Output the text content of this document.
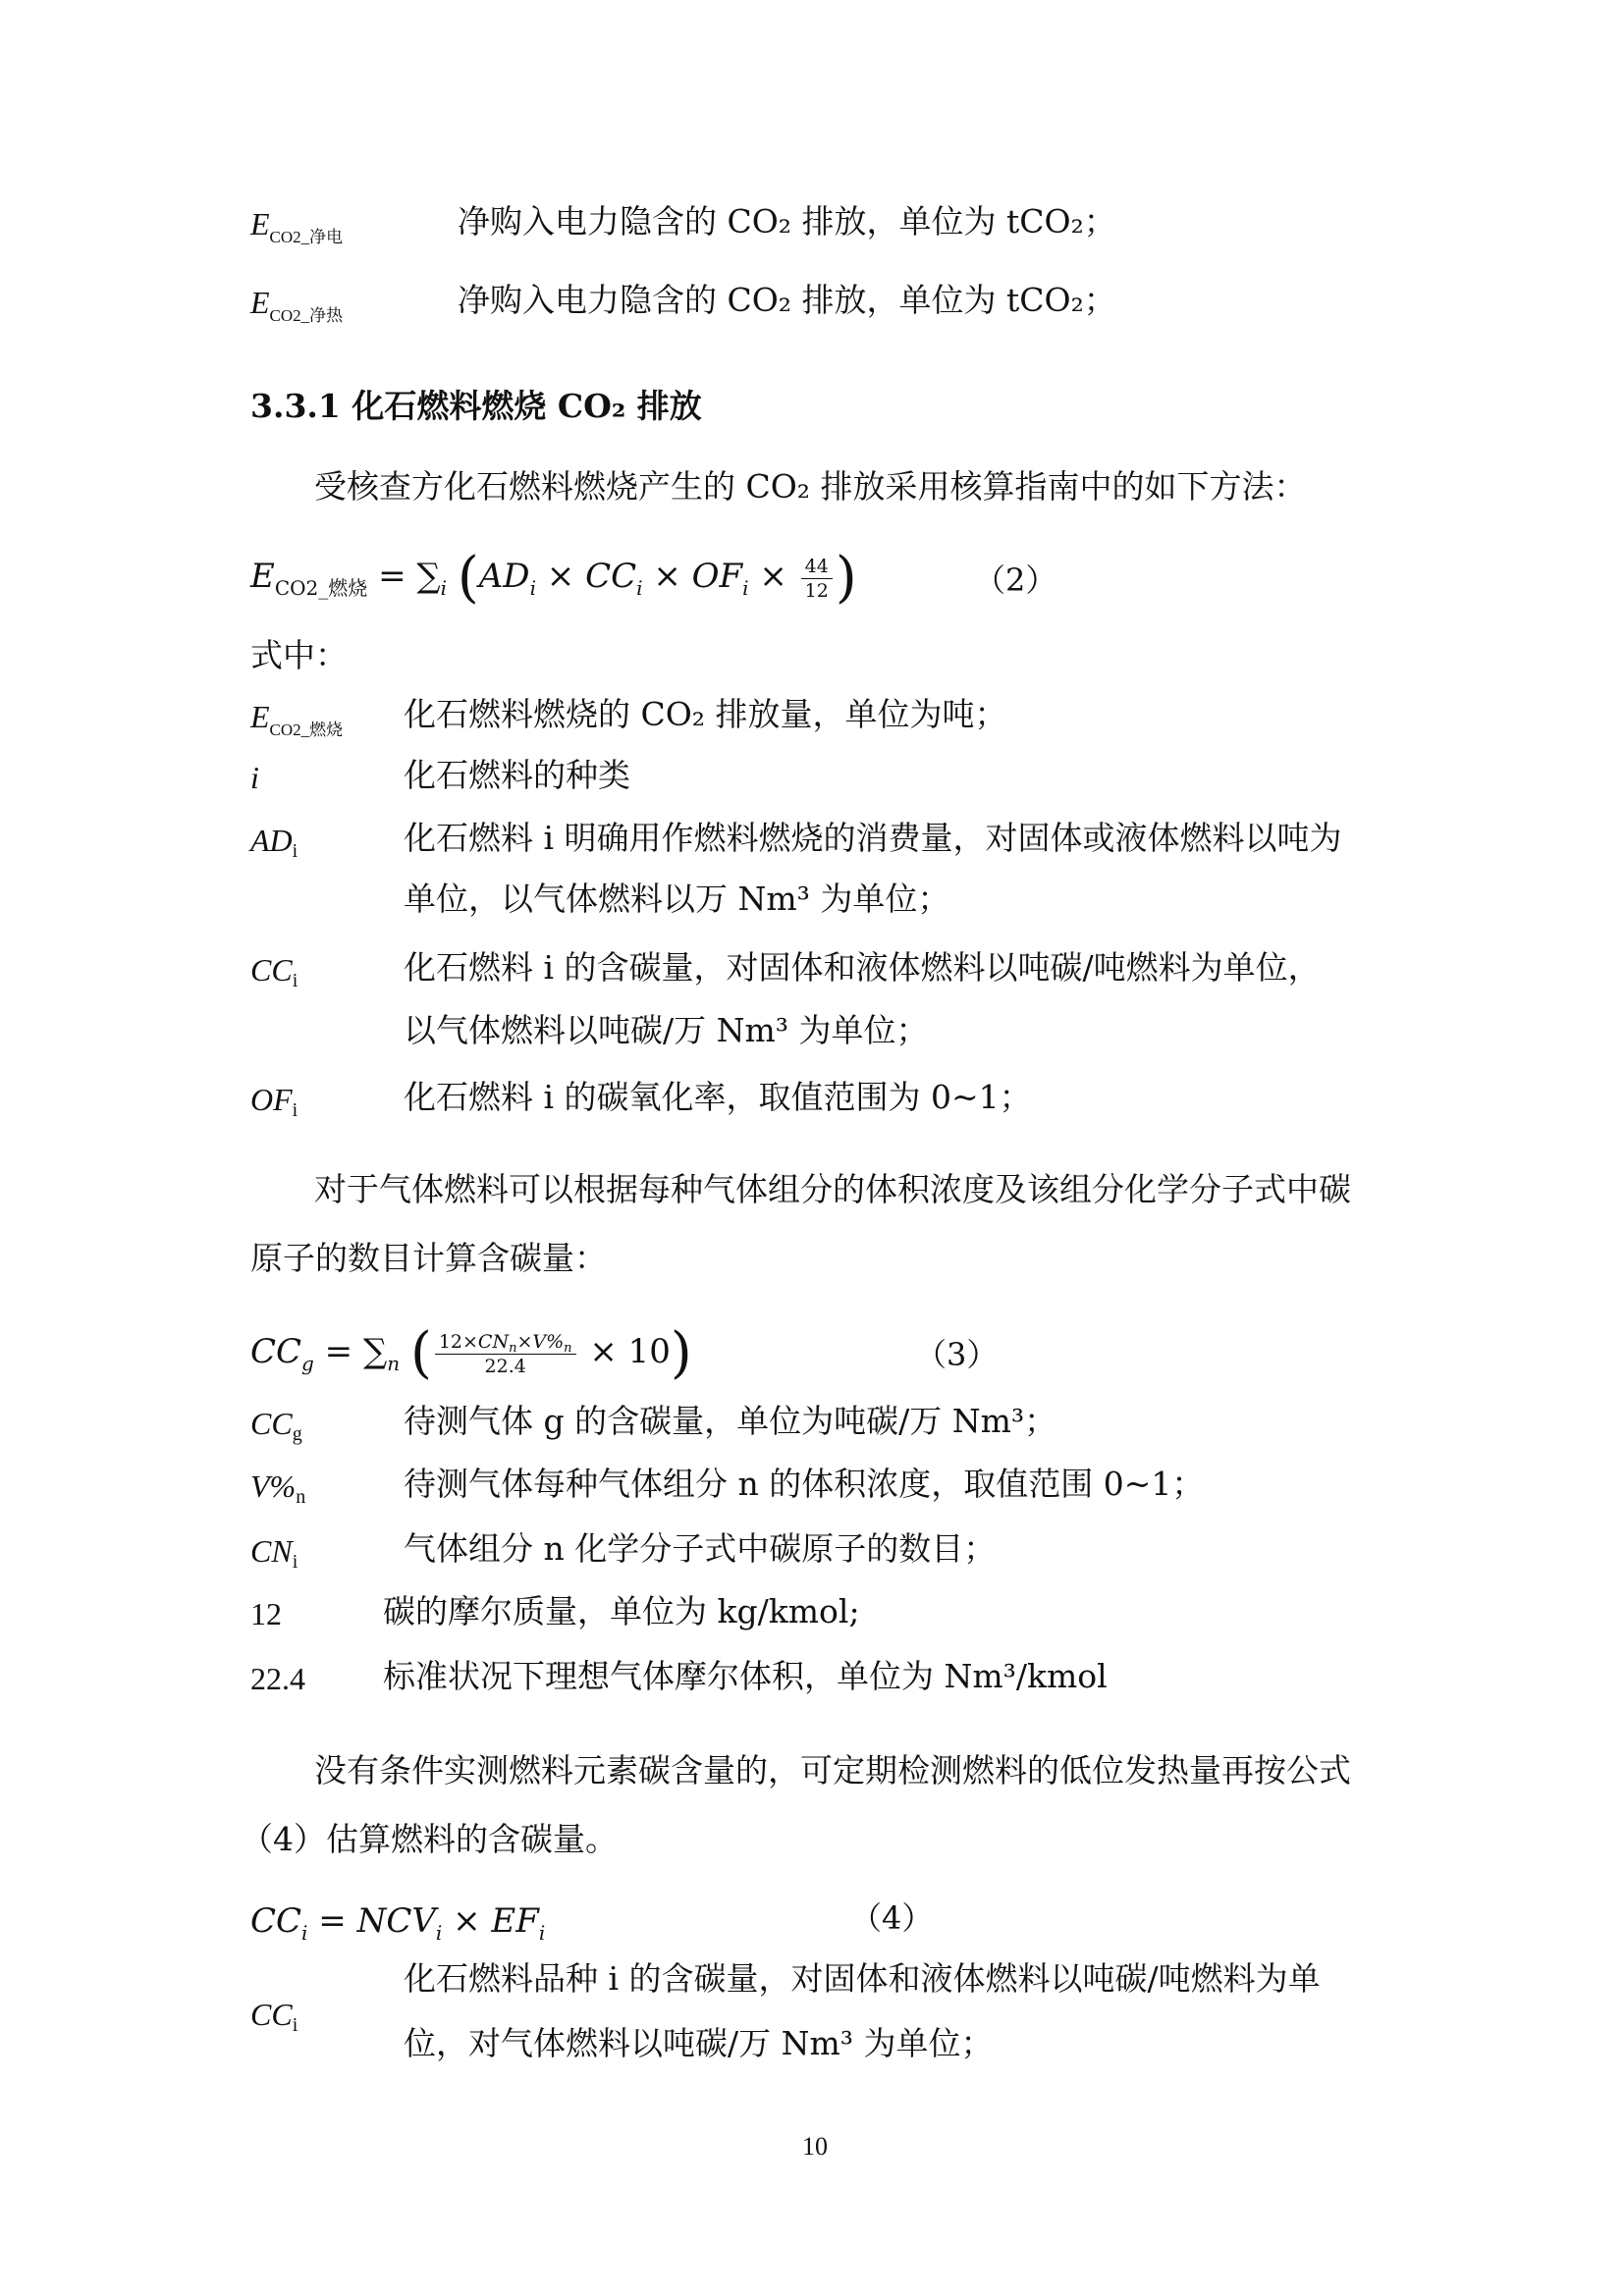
$E_{CO2\_净电}$	净购入电力隐含的 CO₂ 排放，单位为 tCO₂；
$E_{CO2\_净热}$	净购入电力隐含的 CO₂ 排放，单位为 tCO₂；
3.3.1 化石燃料燃烧 CO₂ 排放
受核查方化石燃料燃烧产生的 CO₂ 排放采用核算指南中的如下方法：
$E_{CO2\_燃烧} = \sum_i$ ($AD_i \times CC_i \times OF_i \times \frac{44}{12}$ )	（2）
式中：
$E_{CO2\_燃烧}$ 化石燃料燃烧的 CO₂ 排放量，单位为吨；
i	化石燃料的种类
$AD_i$	化石燃料 i 明确用作燃料燃烧的消费量，对固体或液体燃料以吨为
单位，以气体燃料以万 Nm³ 为单位；
$CC_i$	化石燃料 i 的含碳量，对固体和液体燃料以吨碳/吨燃料为单位，
以气体燃料以吨碳/万 Nm³ 为单位；
$OF_i$	化石燃料 i 的碳氧化率，取值范围为 0~1；
对于气体燃料可以根据每种气体组分的体积浓度及该组分化学分子式中碳
原子的数目计算含碳量：
$CC_g = \sum_n$ ( $\frac{12\times CN_n\times V\%_n}{22.4} \times 10$)	（3）
$CC_g$	待测气体 g 的含碳量，单位为吨碳/万 Nm³；
$V\%_n$	待测气体每种气体组分 n 的体积浓度，取值范围 0~1；
$CN_i$	气体组分 n 化学分子式中碳原子的数目；
12	碳的摩尔质量，单位为 kg/kmol;
22.4 标准状况下理想气体摩尔体积，单位为 Nm³/kmol
没有条件实测燃料元素碳含量的，可定期检测燃料的低位发热量再按公式
（4）估算燃料的含碳量。
$CC_i = NCV_i \times EF_i$	（4）
$CC_i$
化石燃料品种 i 的含碳量，对固体和液体燃料以吨碳/吨燃料为单
位，对气体燃料以吨碳/万 Nm³ 为单位；
10
